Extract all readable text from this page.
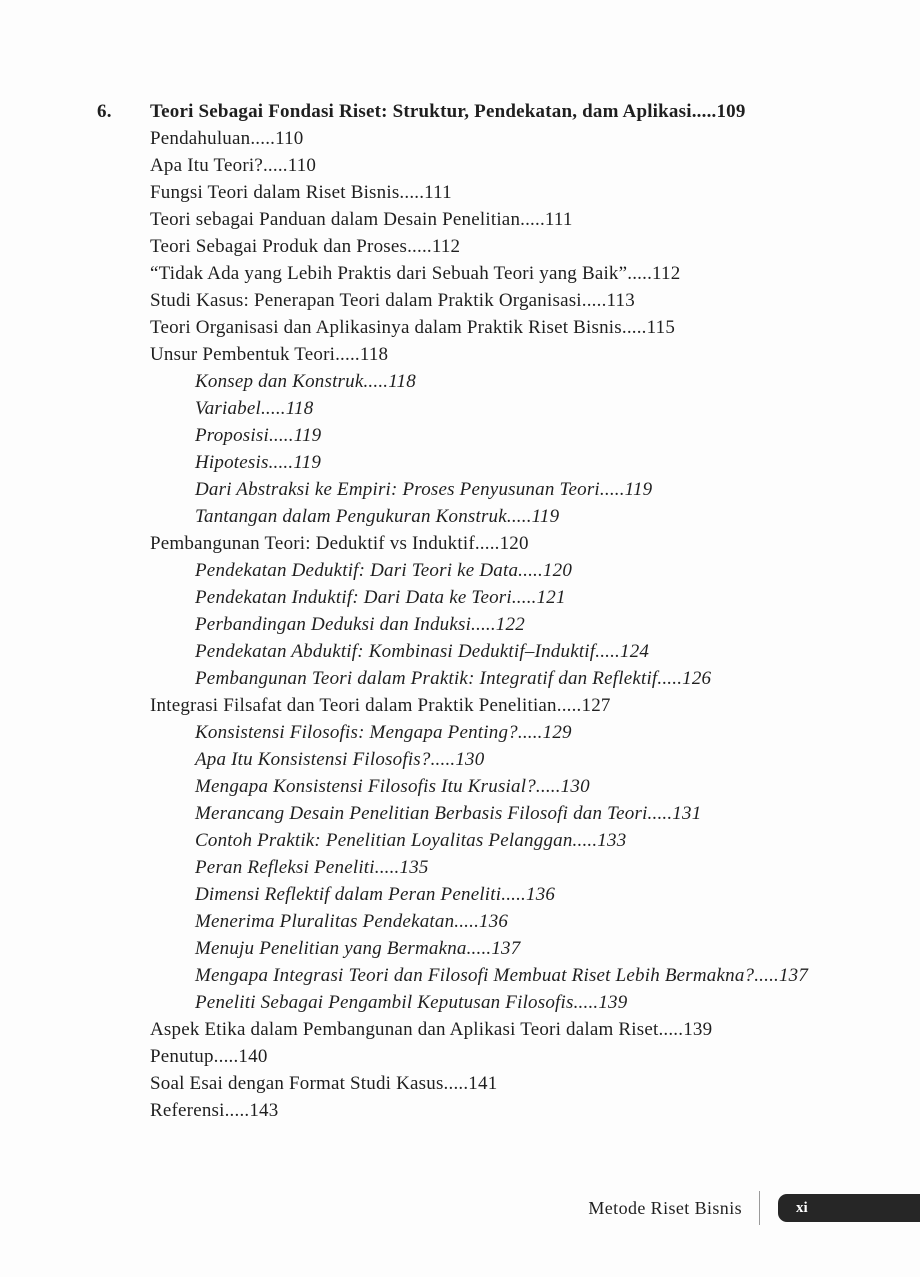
6.	Teori Sebagai Fondasi Riset: Struktur, Pendekatan, dam Aplikasi.....109
Pendahuluan.....110
Apa Itu Teori?.....110
Fungsi Teori dalam Riset Bisnis.....111
Teori sebagai Panduan dalam Desain Penelitian.....111
Teori Sebagai Produk dan Proses.....112
“Tidak Ada yang Lebih Praktis dari Sebuah Teori yang Baik”.....112
Studi Kasus: Penerapan Teori dalam Praktik Organisasi.....113
Teori Organisasi dan Aplikasinya dalam Praktik Riset Bisnis.....115
Unsur Pembentuk Teori.....118
Konsep dan Konstruk.....118
Variabel.....118
Proposisi.....119
Hipotesis.....119
Dari Abstraksi ke Empiri: Proses Penyusunan Teori.....119
Tantangan dalam Pengukuran Konstruk.....119
Pembangunan Teori: Deduktif vs Induktif.....120
Pendekatan Deduktif: Dari Teori ke Data.....120
Pendekatan Induktif: Dari Data ke Teori.....121
Perbandingan Deduksi dan Induksi.....122
Pendekatan Abduktif: Kombinasi Deduktif–Induktif.....124
Pembangunan Teori dalam Praktik: Integratif dan Reflektif.....126
Integrasi Filsafat dan Teori dalam Praktik Penelitian.....127
Konsistensi Filosofis: Mengapa Penting?.....129
Apa Itu Konsistensi Filosofis?.....130
Mengapa Konsistensi Filosofis Itu Krusial?.....130
Merancang Desain Penelitian Berbasis Filosofi dan Teori.....131
Contoh Praktik: Penelitian Loyalitas Pelanggan.....133
Peran Refleksi Peneliti.....135
Dimensi Reflektif dalam Peran Peneliti.....136
Menerima Pluralitas Pendekatan.....136
Menuju Penelitian yang Bermakna.....137
Mengapa Integrasi Teori dan Filosofi Membuat Riset Lebih Bermakna?.....137
Peneliti Sebagai Pengambil Keputusan Filosofis.....139
Aspek Etika dalam Pembangunan dan Aplikasi Teori dalam Riset.....139
Penutup.....140
Soal Esai dengan Format Studi Kasus.....141
Referensi.....143
Metode Riset Bisnis	xi
